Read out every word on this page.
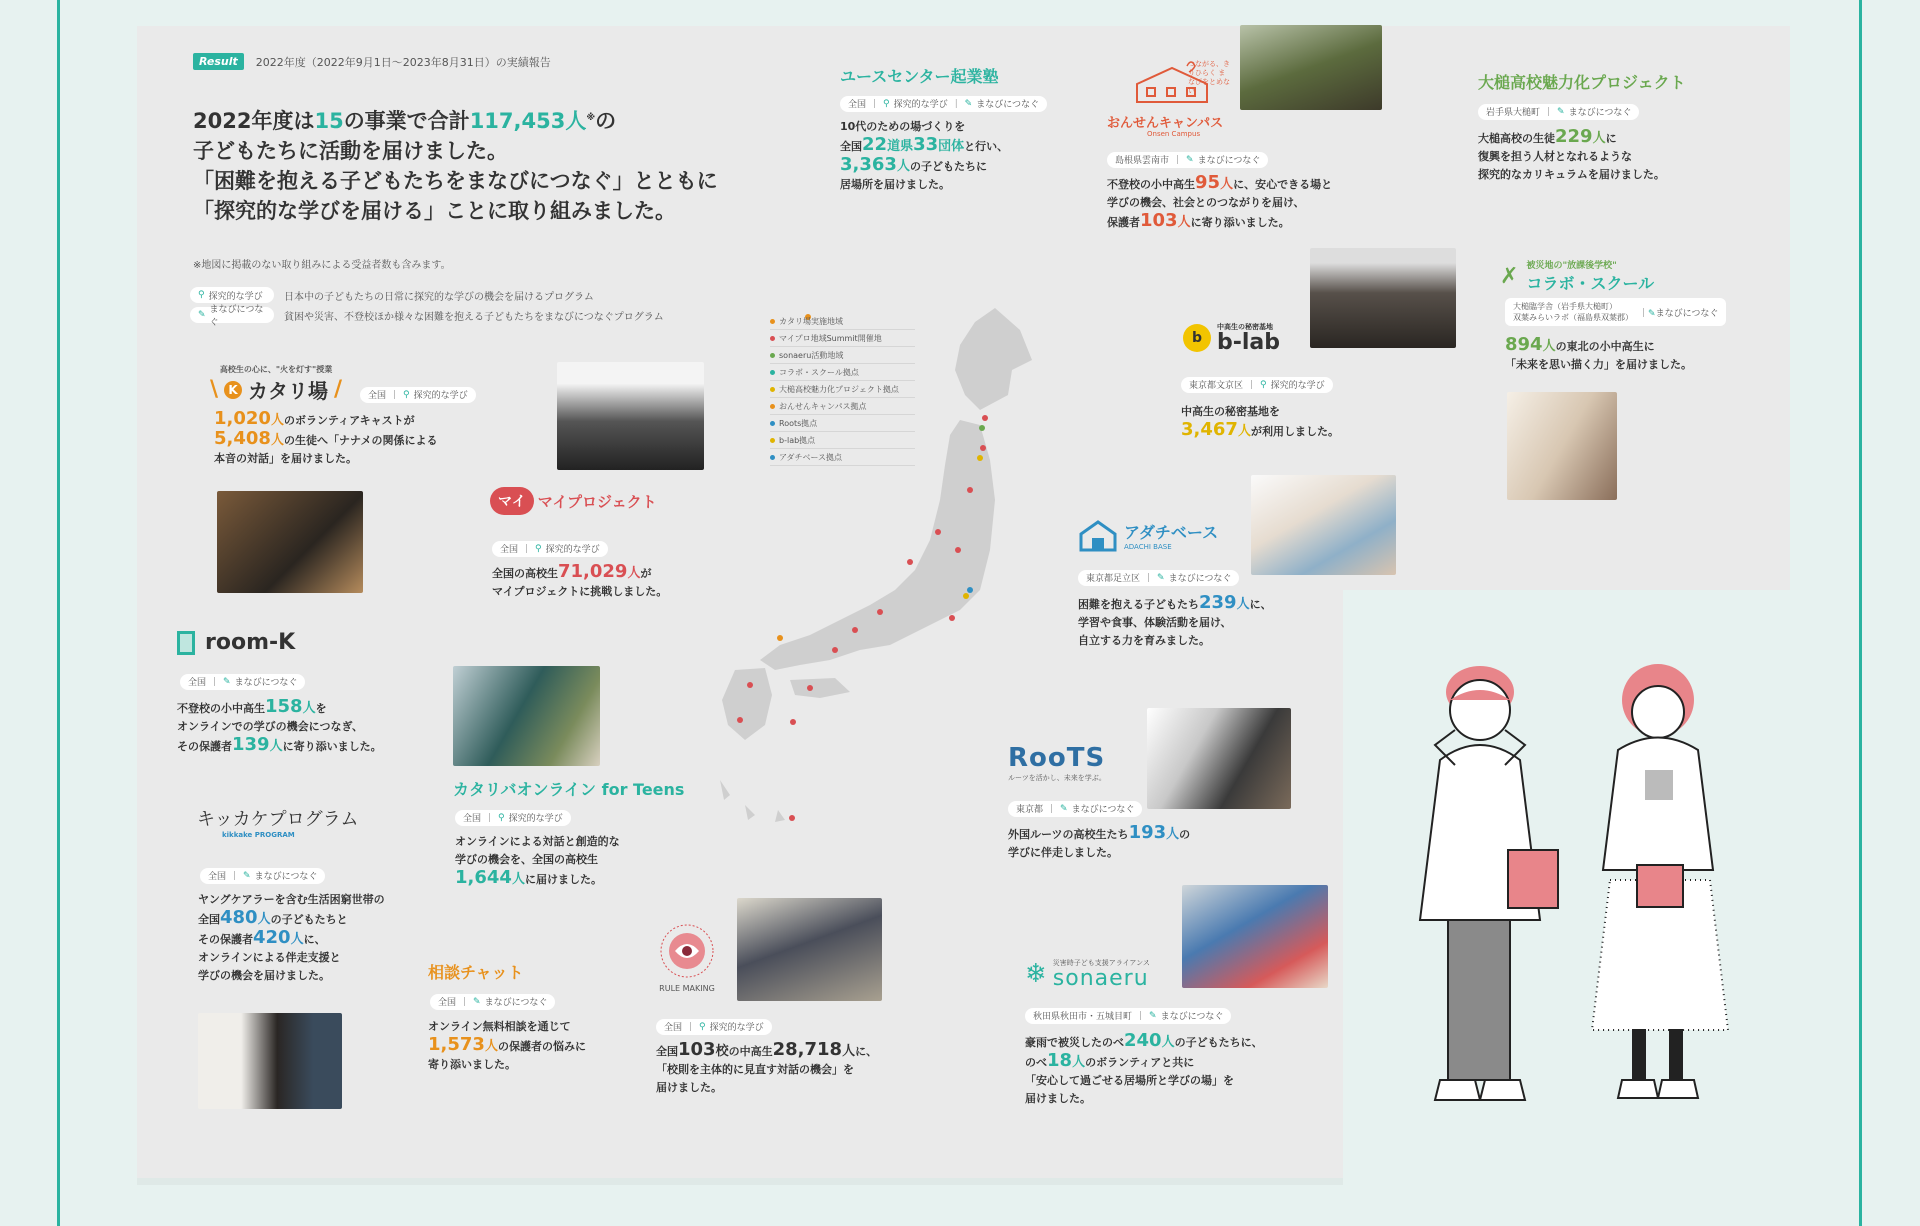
Result	2022年度（2022年9月1日〜2023年8月31日）の実績報告
2022年度は15の事業で合計117,453人※の
子どもたちに活動を届けました。
「困難を抱える子どもたちをまなびにつなぐ」とともに
「探究的な学びを届ける」ことに取り組みました。
※地図に掲載のない取り組みによる受益者数も含みます。
⚲ 探究的な学び 日本中の子どもたちの日常に探究的な学びの機会を届けるプログラム
✎ まなびにつなぐ
貧困や災害、不登校ほか様々な困難を抱える子どもたちをまなびにつなぐプログラム	カタリ場実施地域
マイプロ地域Summit開催地
sonaeru活動地域
コラボ・スクール拠点
大槌高校魅力化プロジェクト拠点
おんせんキャンパス拠点
Roots拠点
b-lab拠点
アダチベース拠点
高校生の心に、"火を灯す"授業
\ K カタリ場 /	全国 ｜ ⚲ 探究的な学び
1,020人のボランティアキャストが
5,408人の生徒へ「ナナメの関係による
本音の対話」を届けました。
マイ マイプロジェクト
全国 ｜ ⚲ 探究的な学び
全国の高校生71,029人が
マイプロジェクトに挑戦しました。
ユースセンター起業塾
全国 ｜ ⚲ 探究的な学び ｜ ✎ まなびにつなぐ
10代のための場づくりを
全国22道県33団体と行い、
3,363人の子どもたちに
居場所を届けました。
おんせんキャンパス
Onsen Campus
つながる、きりひらく まなびをとめない
島根県雲南市 ｜ ✎ まなびにつなぐ
不登校の小中高生95人に、安心できる場と
学びの機会、社会とのつながりを届け、
保護者103人に寄り添いました。
大槌高校魅力化プロジェクト
岩手県大槌町 ｜ ✎ まなびにつなぐ
大槌高校の生徒229人に
復興を担う人材となれるような
探究的なカリキュラムを届けました。
✗ 被災地の"放課後学校"
コラボ・スクール
大槌臨学舎（岩手県大槌町）
双葉みらいラボ（福島県双葉郡） ｜✎まなびにつなぐ
894人の東北の小中高生に
「未来を思い描く力」を届けました。
b
中高生の秘密基地
b-lab
東京都文京区 ｜ ⚲ 探究的な学び
中高生の秘密基地を
3,467人が利用しました。
アダチベース
ADACHI BASE
東京都足立区 ｜ ✎ まなびにつなぐ
困難を抱える子どもたち239人に、
学習や食事、体験活動を届け、
自立する力を育みました。
room-K
全国 ｜ ✎ まなびにつなぐ
不登校の小中高生158人を
オンラインでの学びの機会につなぎ、
その保護者139人に寄り添いました。
カタリバオンライン for Teens
全国 ｜ ⚲ 探究的な学び
オンラインによる対話と創造的な
学びの機会を、全国の高校生
1,644人に届けました。
キッカケプログラム
kikkake PROGRAM
全国 ｜ ✎ まなびにつなぐ
ヤングケアラーを含む生活困窮世帯の
全国480人の子どもたちと
その保護者420人に、
オンラインによる伴走支援と
学びの機会を届けました。	相談チャット
全国 ｜ ✎ まなびにつなぐ
オンライン無料相談を通じて
1,573人の保護者の悩みに
寄り添いました。
RULE MAKING
全国 ｜ ⚲ 探究的な学び
全国103校の中高生28,718人に、
「校則を主体的に見直す対話の機会」を
届けました。
RooTS
ルーツを活かし、未来を学ぶ。
東京都 ｜ ✎ まなびにつなぐ
外国ルーツの高校生たち193人の
学びに伴走しました。
❄ 災害時子ども支援アライアンス
sonaeru
秋田県秋田市・五城目町 ｜ ✎ まなびにつなぐ
豪雨で被災したのべ240人の子どもたちに、
のべ18人のボランティアと共に
「安心して過ごせる居場所と学びの場」を
届けました。
